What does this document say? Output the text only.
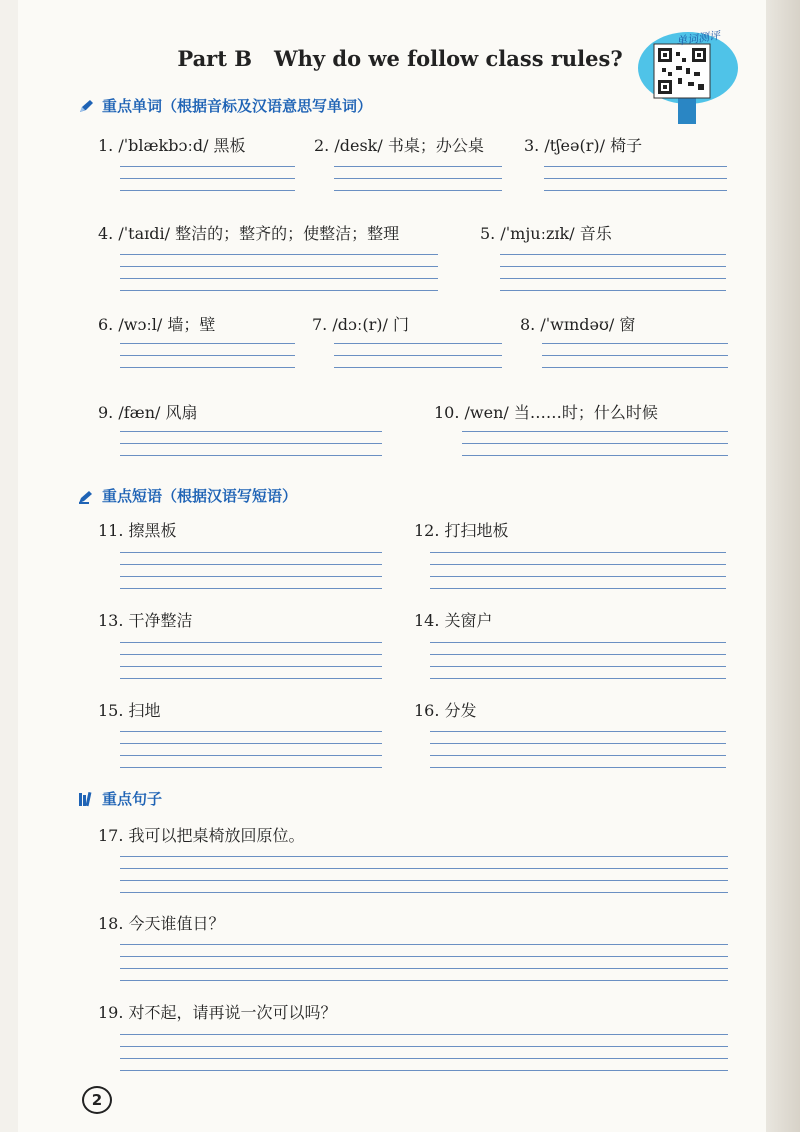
Part B Why do we follow class rules?
单词测评
重点单词（根据音标及汉语意思写单词）
1. /ˈblækbɔːd/ 黑板	2. /desk/ 书桌；办公桌	3. /tʃeə(r)/ 椅子
4. /ˈtaɪdi/ 整洁的；整齐的；使整洁；整理	5. /ˈmjuːzɪk/ 音乐
6. /wɔːl/ 墙；壁	7. /dɔː(r)/ 门	8. /ˈwɪndəʊ/ 窗
9. /fæn/ 风扇	10. /wen/ 当……时；什么时候
重点短语（根据汉语写短语）
11. 擦黑板	12. 打扫地板
13. 干净整洁	14. 关窗户
15. 扫地	16. 分发
重点句子
17. 我可以把桌椅放回原位。
18. 今天谁值日？
19. 对不起，请再说一次可以吗？
2
